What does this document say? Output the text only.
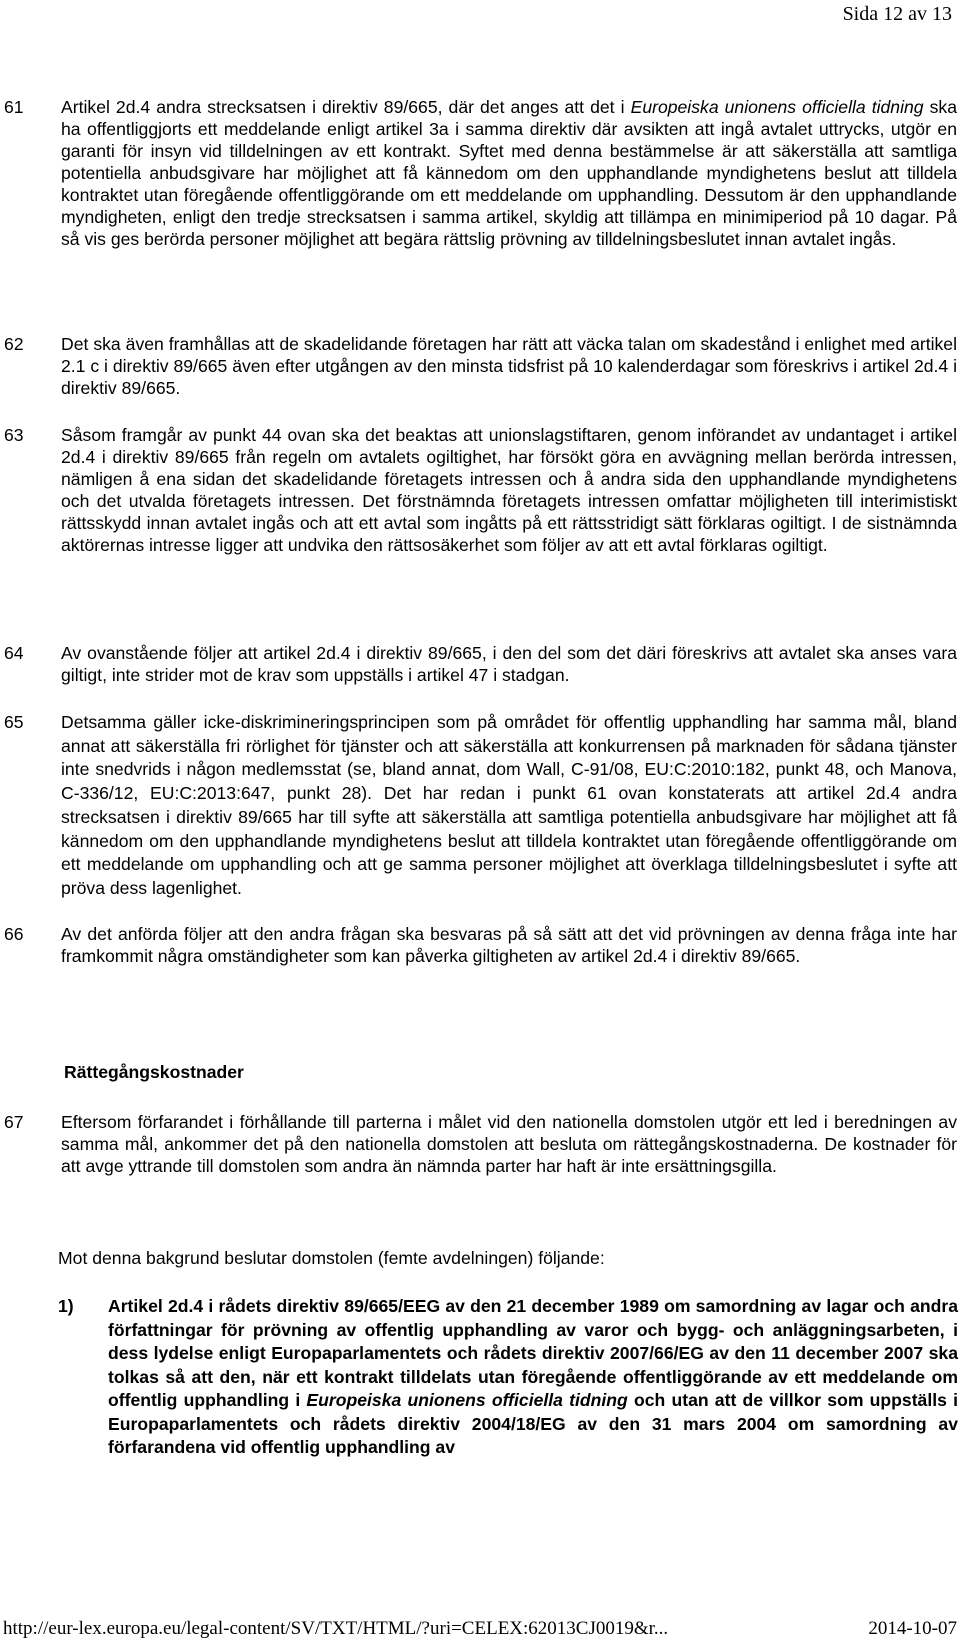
Sida 12 av 13
61	Artikel 2d.4 andra strecksatsen i direktiv 89/665, där det anges att det i Europeiska unionens officiella tidning ska ha offentliggjorts ett meddelande enligt artikel 3a i samma direktiv där avsikten att ingå avtalet uttrycks, utgör en garanti för insyn vid tilldelningen av ett kontrakt. Syftet med denna bestämmelse är att säkerställa att samtliga potentiella anbudsgivare har möjlighet att få kännedom om den upphandlande myndighetens beslut att tilldela kontraktet utan föregående offentliggörande om ett meddelande om upphandling. Dessutom är den upphandlande myndigheten, enligt den tredje strecksatsen i samma artikel, skyldig att tillämpa en minimiperiod på 10 dagar. På så vis ges berörda personer möjlighet att begära rättslig prövning av tilldelningsbeslutet innan avtalet ingås.
62	Det ska även framhållas att de skadelidande företagen har rätt att väcka talan om skadestånd i enlighet med artikel 2.1 c i direktiv 89/665 även efter utgången av den minsta tidsfrist på 10 kalenderdagar som föreskrivs i artikel 2d.4 i direktiv 89/665.
63	Såsom framgår av punkt 44 ovan ska det beaktas att unionslagstiftaren, genom införandet av undantaget i artikel 2d.4 i direktiv 89/665 från regeln om avtalets ogiltighet, har försökt göra en avvägning mellan berörda intressen, nämligen å ena sidan det skadelidande företagets intressen och å andra sida den upphandlande myndighetens och det utvalda företagets intressen. Det förstnämnda företagets intressen omfattar möjligheten till interimistiskt rättsskydd innan avtalet ingås och att ett avtal som ingåtts på ett rättsstridigt sätt förklaras ogiltigt. I de sistnämnda aktörernas intresse ligger att undvika den rättsosäkerhet som följer av att ett avtal förklaras ogiltigt.
64	Av ovanstående följer att artikel 2d.4 i direktiv 89/665, i den del som det däri föreskrivs att avtalet ska anses vara giltigt, inte strider mot de krav som uppställs i artikel 47 i stadgan.
65	Detsamma gäller icke-diskrimineringsprincipen som på området för offentlig upphandling har samma mål, bland annat att säkerställa fri rörlighet för tjänster och att säkerställa att konkurrensen på marknaden för sådana tjänster inte snedvrids i någon medlemsstat (se, bland annat, dom Wall, C‑91/08, EU:C:2010:182, punkt 48, och Manova, C‑336/12, EU:C:2013:647, punkt 28). Det har redan i punkt 61 ovan konstaterats att artikel 2d.4 andra strecksatsen i direktiv 89/665 har till syfte att säkerställa att samtliga potentiella anbudsgivare har möjlighet att få kännedom om den upphandlande myndighetens beslut att tilldela kontraktet utan föregående offentliggörande om ett meddelande om upphandling och att ge samma personer möjlighet att överklaga tilldelningsbeslutet i syfte att pröva dess lagenlighet.
66	Av det anförda följer att den andra frågan ska besvaras på så sätt att det vid prövningen av denna fråga inte har framkommit några omständigheter som kan påverka giltigheten av artikel 2d.4 i direktiv 89/665.
Rättegångskostnader
67	Eftersom förfarandet i förhållande till parterna i målet vid den nationella domstolen utgör ett led i beredningen av samma mål, ankommer det på den nationella domstolen att besluta om rättegångskostnaderna. De kostnader för att avge yttrande till domstolen som andra än nämnda parter har haft är inte ersättningsgilla.
Mot denna bakgrund beslutar domstolen (femte avdelningen) följande:
1)	Artikel 2d.4 i rådets direktiv 89/665/EEG av den 21 december 1989 om samordning av lagar och andra författningar för prövning av offentlig upphandling av varor och bygg- och anläggningsarbeten, i dess lydelse enligt Europaparlamentets och rådets direktiv 2007/66/EG av den 11 december 2007 ska tolkas så att den, när ett kontrakt tilldelats utan föregående offentliggörande av ett meddelande om offentlig upphandling i Europeiska unionens officiella tidning och utan att de villkor som uppställs i Europaparlamentets och rådets direktiv 2004/18/EG av den 31 mars 2004 om samordning av förfarandena vid offentlig upphandling av
http://eur-lex.europa.eu/legal-content/SV/TXT/HTML/?uri=CELEX:62013CJ0019&r...	2014-10-07
